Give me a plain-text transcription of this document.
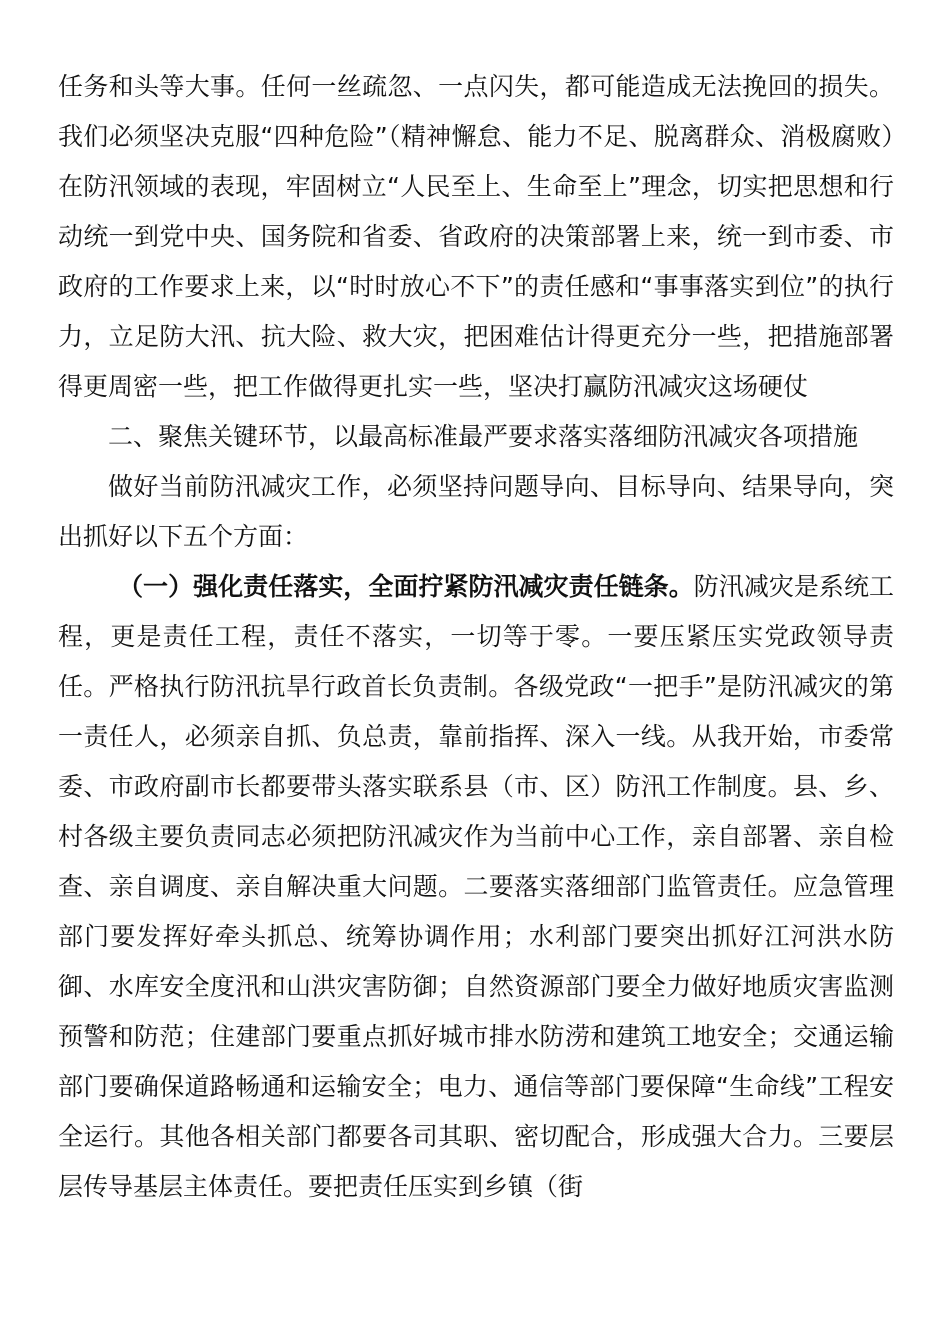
任务和头等大事。任何一丝疏忽、一点闪失，都可能造成无法挽回的损失。我们必须坚决克服“四种危险”（精神懈怠、能力不足、脱离群众、消极腐败）在防汛领域的表现，牢固树立“人民至上、生命至上”理念，切实把思想和行动统一到党中央、国务院和省委、省政府的决策部署上来，统一到市委、市政府的工作要求上来，以“时时放心不下”的责任感和“事事落实到位”的执行力，立足防大汛、抗大险、救大灾，把困难估计得更充分一些，把措施部署得更周密一些，把工作做得更扎实一些，坚决打赢防汛减灾这场硬仗

二、聚焦关键环节，以最高标准最严要求落实落细防汛减灾各项措施

做好当前防汛减灾工作，必须坚持问题导向、目标导向、结果导向，突出抓好以下五个方面：

（一）强化责任落实，全面拧紧防汛减灾责任链条。防汛减灾是系统工程，更是责任工程，责任不落实，一切等于零。一要压紧压实党政领导责任。严格执行防汛抗旱行政首长负责制。各级党政“一把手”是防汛减灾的第一责任人，必须亲自抓、负总责，靠前指挥、深入一线。从我开始，市委常委、市政府副市长都要带头落实联系县（市、区）防汛工作制度。县、乡、村各级主要负责同志必须把防汛减灾作为当前中心工作，亲自部署、亲自检查、亲自调度、亲自解决重大问题。二要落实落细部门监管责任。应急管理部门要发挥好牵头抓总、统筹协调作用；水利部门要突出抓好江河洪水防御、水库安全度汛和山洪灾害防御；自然资源部门要全力做好地质灾害监测预警和防范；住建部门要重点抓好城市排水防涝和建筑工地安全；交通运输部门要确保道路畅通和运输安全；电力、通信等部门要保障“生命线”工程安全运行。其他各相关部门都要各司其职、密切配合，形成强大合力。三要层层传导基层主体责任。要把责任压实到乡镇（街
